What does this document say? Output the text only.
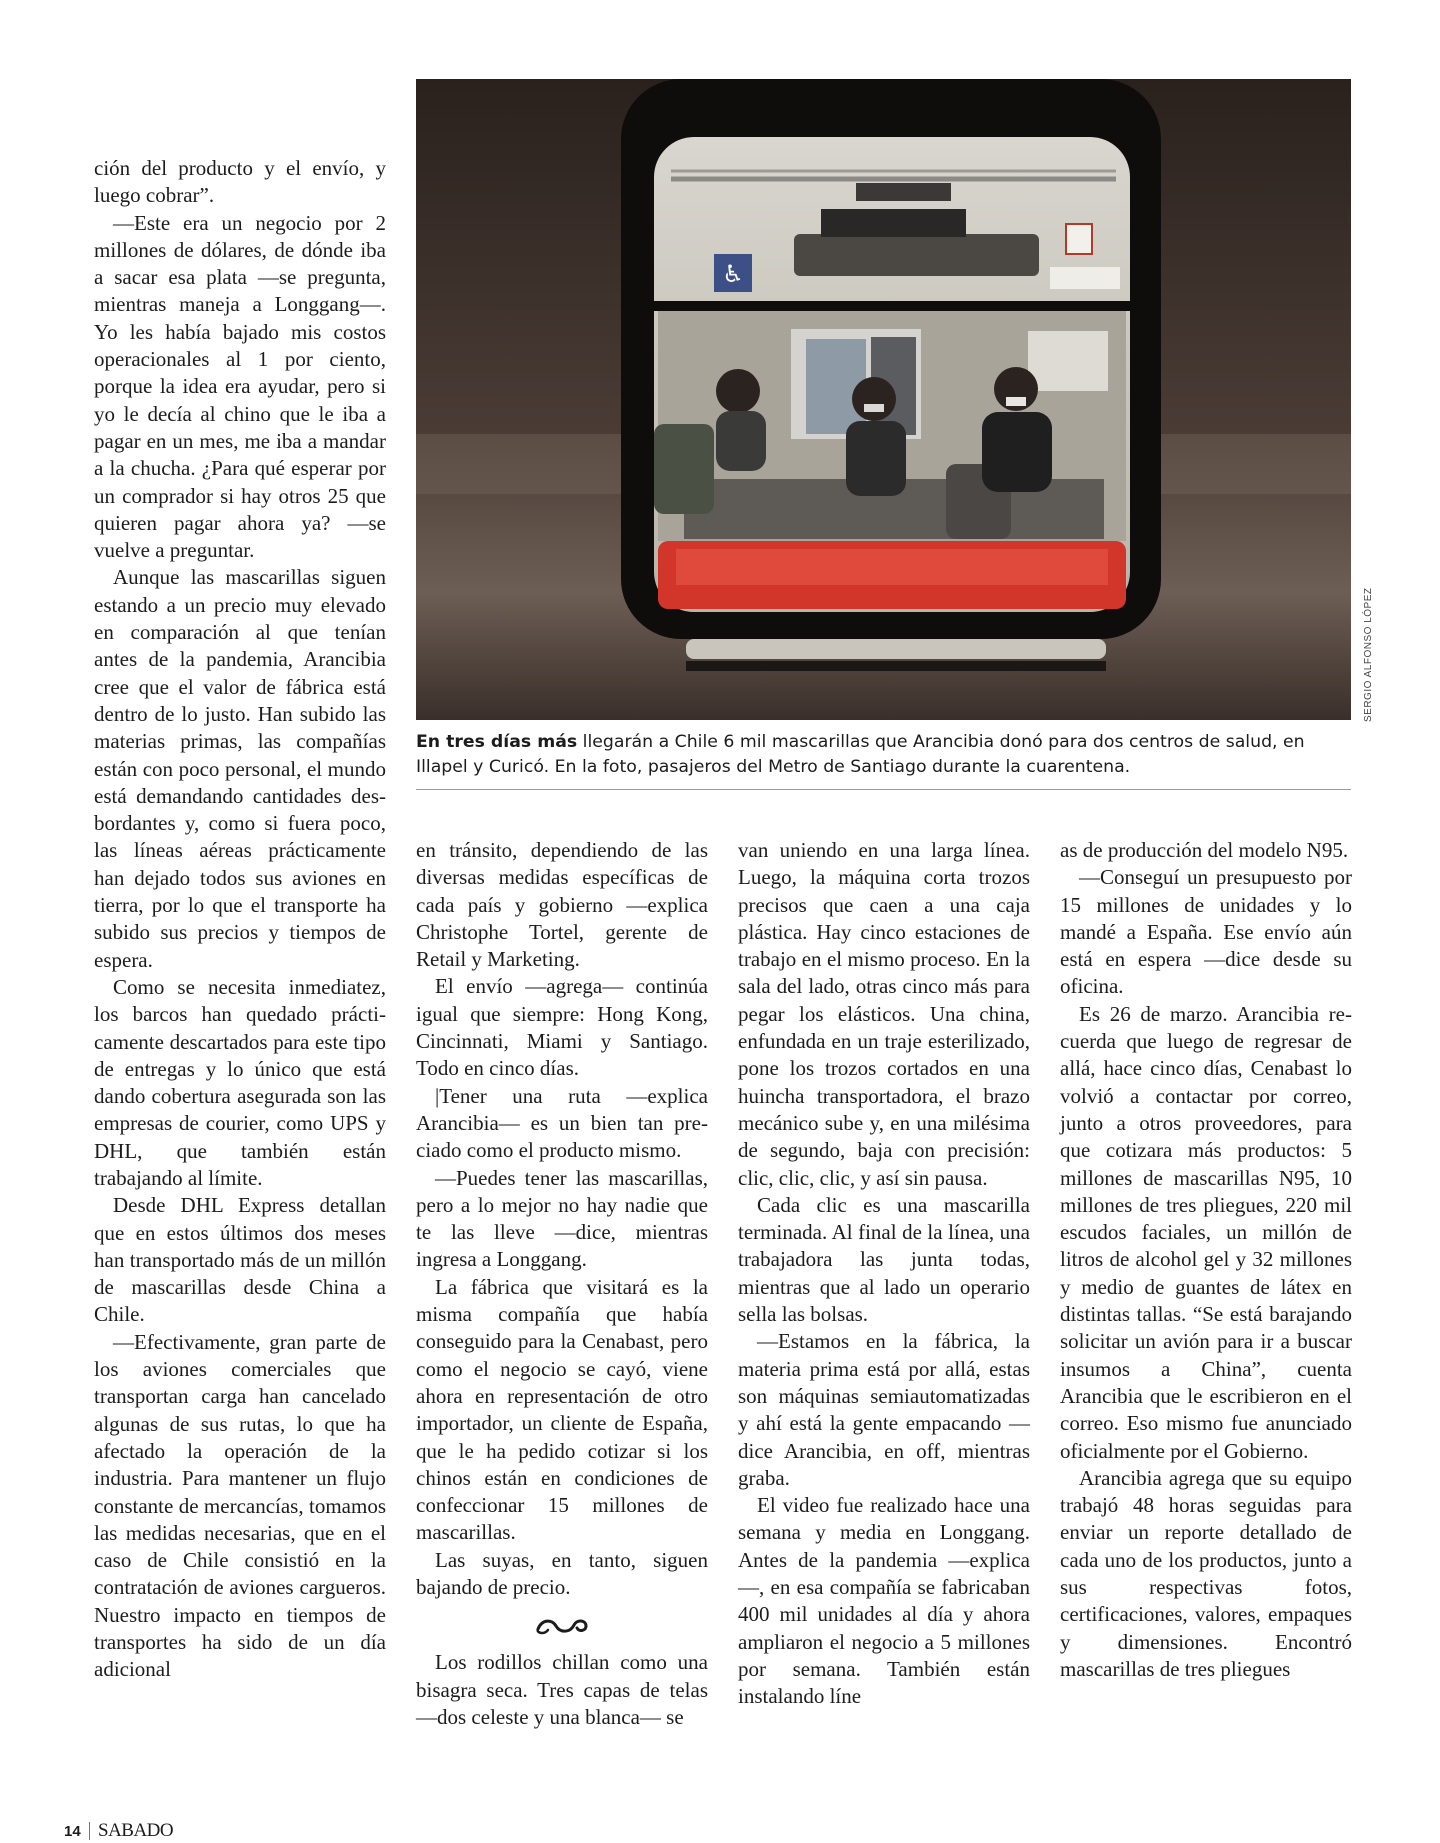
ción del producto y el envío, y luego cobrar”.

—Este era un negocio por 2 millones de dólares, de dónde iba a sacar esa plata —se pregunta, mientras maneja a Longgang—. Yo les había bajado mis costos operacionales al 1 por ciento, porque la idea era ayudar, pero si yo le decía al chino que le iba a pagar en un mes, me iba a mandar a la chucha. ¿Para qué esperar por un comprador si hay otros 25 que quieren pagar ahora ya? —se vuelve a preguntar.

Aunque las mascarillas siguen estando a un precio muy elevado en comparación al que tenían antes de la pandemia, Arancibia cree que el valor de fábrica está dentro de lo justo. Han subido las materias primas, las compañías están con poco personal, el mundo está demandando cantidades desbordantes y, como si fuera poco, las líneas aéreas prácticamente han dejado todos sus aviones en tierra, por lo que el transporte ha subido sus precios y tiempos de espera.

Como se necesita inmediatez, los barcos han quedado prácticamente descartados para este tipo de entregas y lo único que está dando cobertura asegurada son las empresas de courier, como UPS y DHL, que también están trabajando al límite.

Desde DHL Express detallan que en estos últimos dos meses han transportado más de un millón de mascarillas desde China a Chile.

—Efectivamente, gran parte de los aviones comerciales que transportan carga han cancelado algunas de sus rutas, lo que ha afectado la operación de la industria. Para mantener un flujo constante de mercancías, tomamos las medidas necesarias, que en el caso de Chile consistió en la contratación de aviones cargueros. Nuestro impacto en tiempos de transportes ha sido de un día adicional

♿
SERGIO ALFONSO LÓPEZ
En tres días más llegarán a Chile 6 mil mascarillas que Arancibia donó para dos centros de salud, en Illapel y Curicó. En la foto, pasajeros del Metro de Santiago durante la cuarentena.

en tránsito, dependiendo de las diversas medidas específicas de cada país y gobierno —explica Christophe Tortel, gerente de Retail y Marketing.

El envío —agrega— continúa igual que siempre: Hong Kong, Cincinnati, Miami y Santiago. Todo en cinco días.

|Tener una ruta —explica Arancibia— es un bien tan preciado como el producto mismo.

—Puedes tener las mascarillas, pero a lo mejor no hay nadie que te las lleve —dice, mientras ingresa a Longgang.

La fábrica que visitará es la misma compañía que había conseguido para la Cenabast, pero como el negocio se cayó, viene ahora en representación de otro importador, un cliente de España, que le ha pedido cotizar si los chinos están en condiciones de confeccionar 15 millones de mascarillas.

Las suyas, en tanto, siguen bajando de precio.

Los rodillos chillan como una bisagra seca. Tres capas de telas —dos celeste y una blanca— se

van uniendo en una larga línea. Luego, la máquina corta trozos precisos que caen a una caja plástica. Hay cinco estaciones de trabajo en el mismo proceso. En la sala del lado, otras cinco más para pegar los elásticos. Una china, enfundada en un traje esterilizado, pone los trozos cortados en una huincha transportadora, el brazo mecánico sube y, en una milésima de segundo, baja con precisión: clic, clic, clic, y así sin pausa.

Cada clic es una mascarilla terminada. Al final de la línea, una trabajadora las junta todas, mientras que al lado un operario sella las bolsas.

—Estamos en la fábrica, la materia prima está por allá, estas son máquinas semiautomatizadas y ahí está la gente empacando —dice Arancibia, en off, mientras graba.

El video fue realizado hace una semana y media en Longgang. Antes de la pandemia —explica—, en esa compañía se fabricaban 400 mil unidades al día y ahora ampliaron el negocio a 5 millones por semana. También están instalando líne

as de producción del modelo N95.

—Conseguí un presupuesto por 15 millones de unidades y lo mandé a España. Ese envío aún está en espera —dice desde su oficina.

Es 26 de marzo. Arancibia recuerda que luego de regresar de allá, hace cinco días, Cenabast lo volvió a contactar por correo, junto a otros proveedores, para que cotizara más productos: 5 millones de mascarillas N95, 10 millones de tres pliegues, 220 mil escudos faciales, un millón de litros de alcohol gel y 32 millones y medio de guantes de látex en distintas tallas. “Se está barajando solicitar un avión para ir a buscar insumos a China”, cuenta Arancibia que le escribieron en el correo. Eso mismo fue anunciado oficialmente por el Gobierno.

Arancibia agrega que su equipo trabajó 48 horas seguidas para enviar un reporte detallado de cada uno de los productos, junto a sus respectivas fotos, certificaciones, valores, empaques y dimensiones. Encontró mascarillas de tres pliegues

14 SABADO
